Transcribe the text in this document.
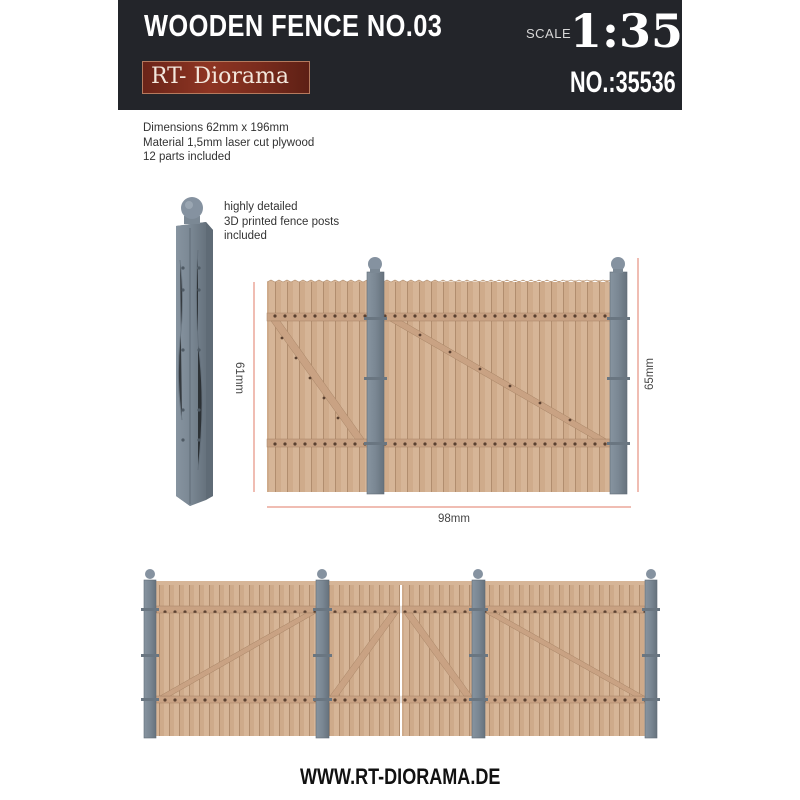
WOODEN FENCE NO.03
RT- Diorama
SCALE
1:35
NO.:35536
Dimensions 62mm x 196mm
Material 1,5mm laser cut plywood
12 parts included
highly detailed
3D printed fence posts
included
61mm	65mm
98mm
WWW.RT-DIORAMA.DE
